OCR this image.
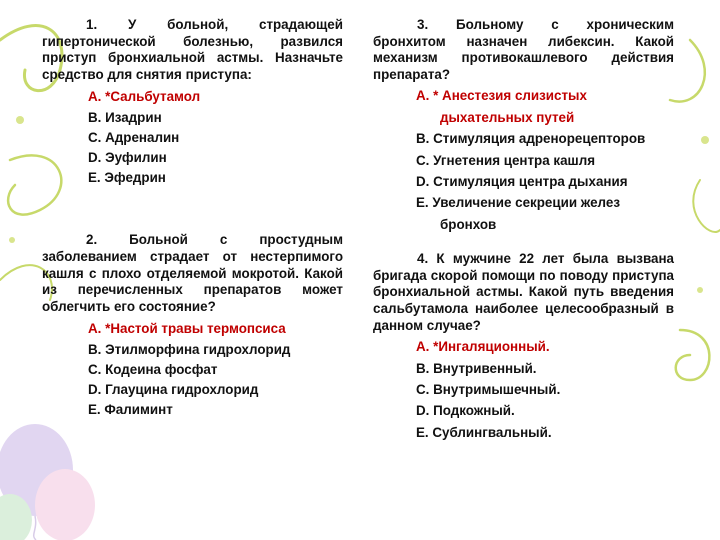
1. У больной, страдающей гипертонической болезнью, развился приступ бронхиальной астмы. Назначьте средство для снятия приступа:

А. *Сальбутамол

В. Изадрин

С. Адреналин

D. Эуфилин

Е. Эфедрин

2. Больной с простудным заболеванием страдает от нестерпимого кашля с плохо отделяемой мокротой. Какой из перечисленных препаратов может облегчить его состояние?

А. *Настой травы термопсиса

В. Этилморфина гидрохлорид

С. Кодеина фосфат

D. Глауцина гидрохлорид

Е. Фалиминт

3. Больному с хроническим бронхитом назначен либексин. Какой механизм противокашлевого действия препарата?

А. * Анестезия слизистых

дыхательных путей

В. Стимуляция адренорецепторов

С. Угнетения центра кашля

D. Стимуляция центра дыхания

Е. Увеличение секреции желез

бронхов

4. К мужчине 22 лет была вызвана бригада скорой помощи по поводу приступа бронхиальной астмы. Какой путь введения сальбутамола наиболее целесообразный в данном случае?

А. *Ингаляционный.

В. Внутривенный.

С. Внутримышечный.

D. Подкожный.

Е. Сублингвальный.
